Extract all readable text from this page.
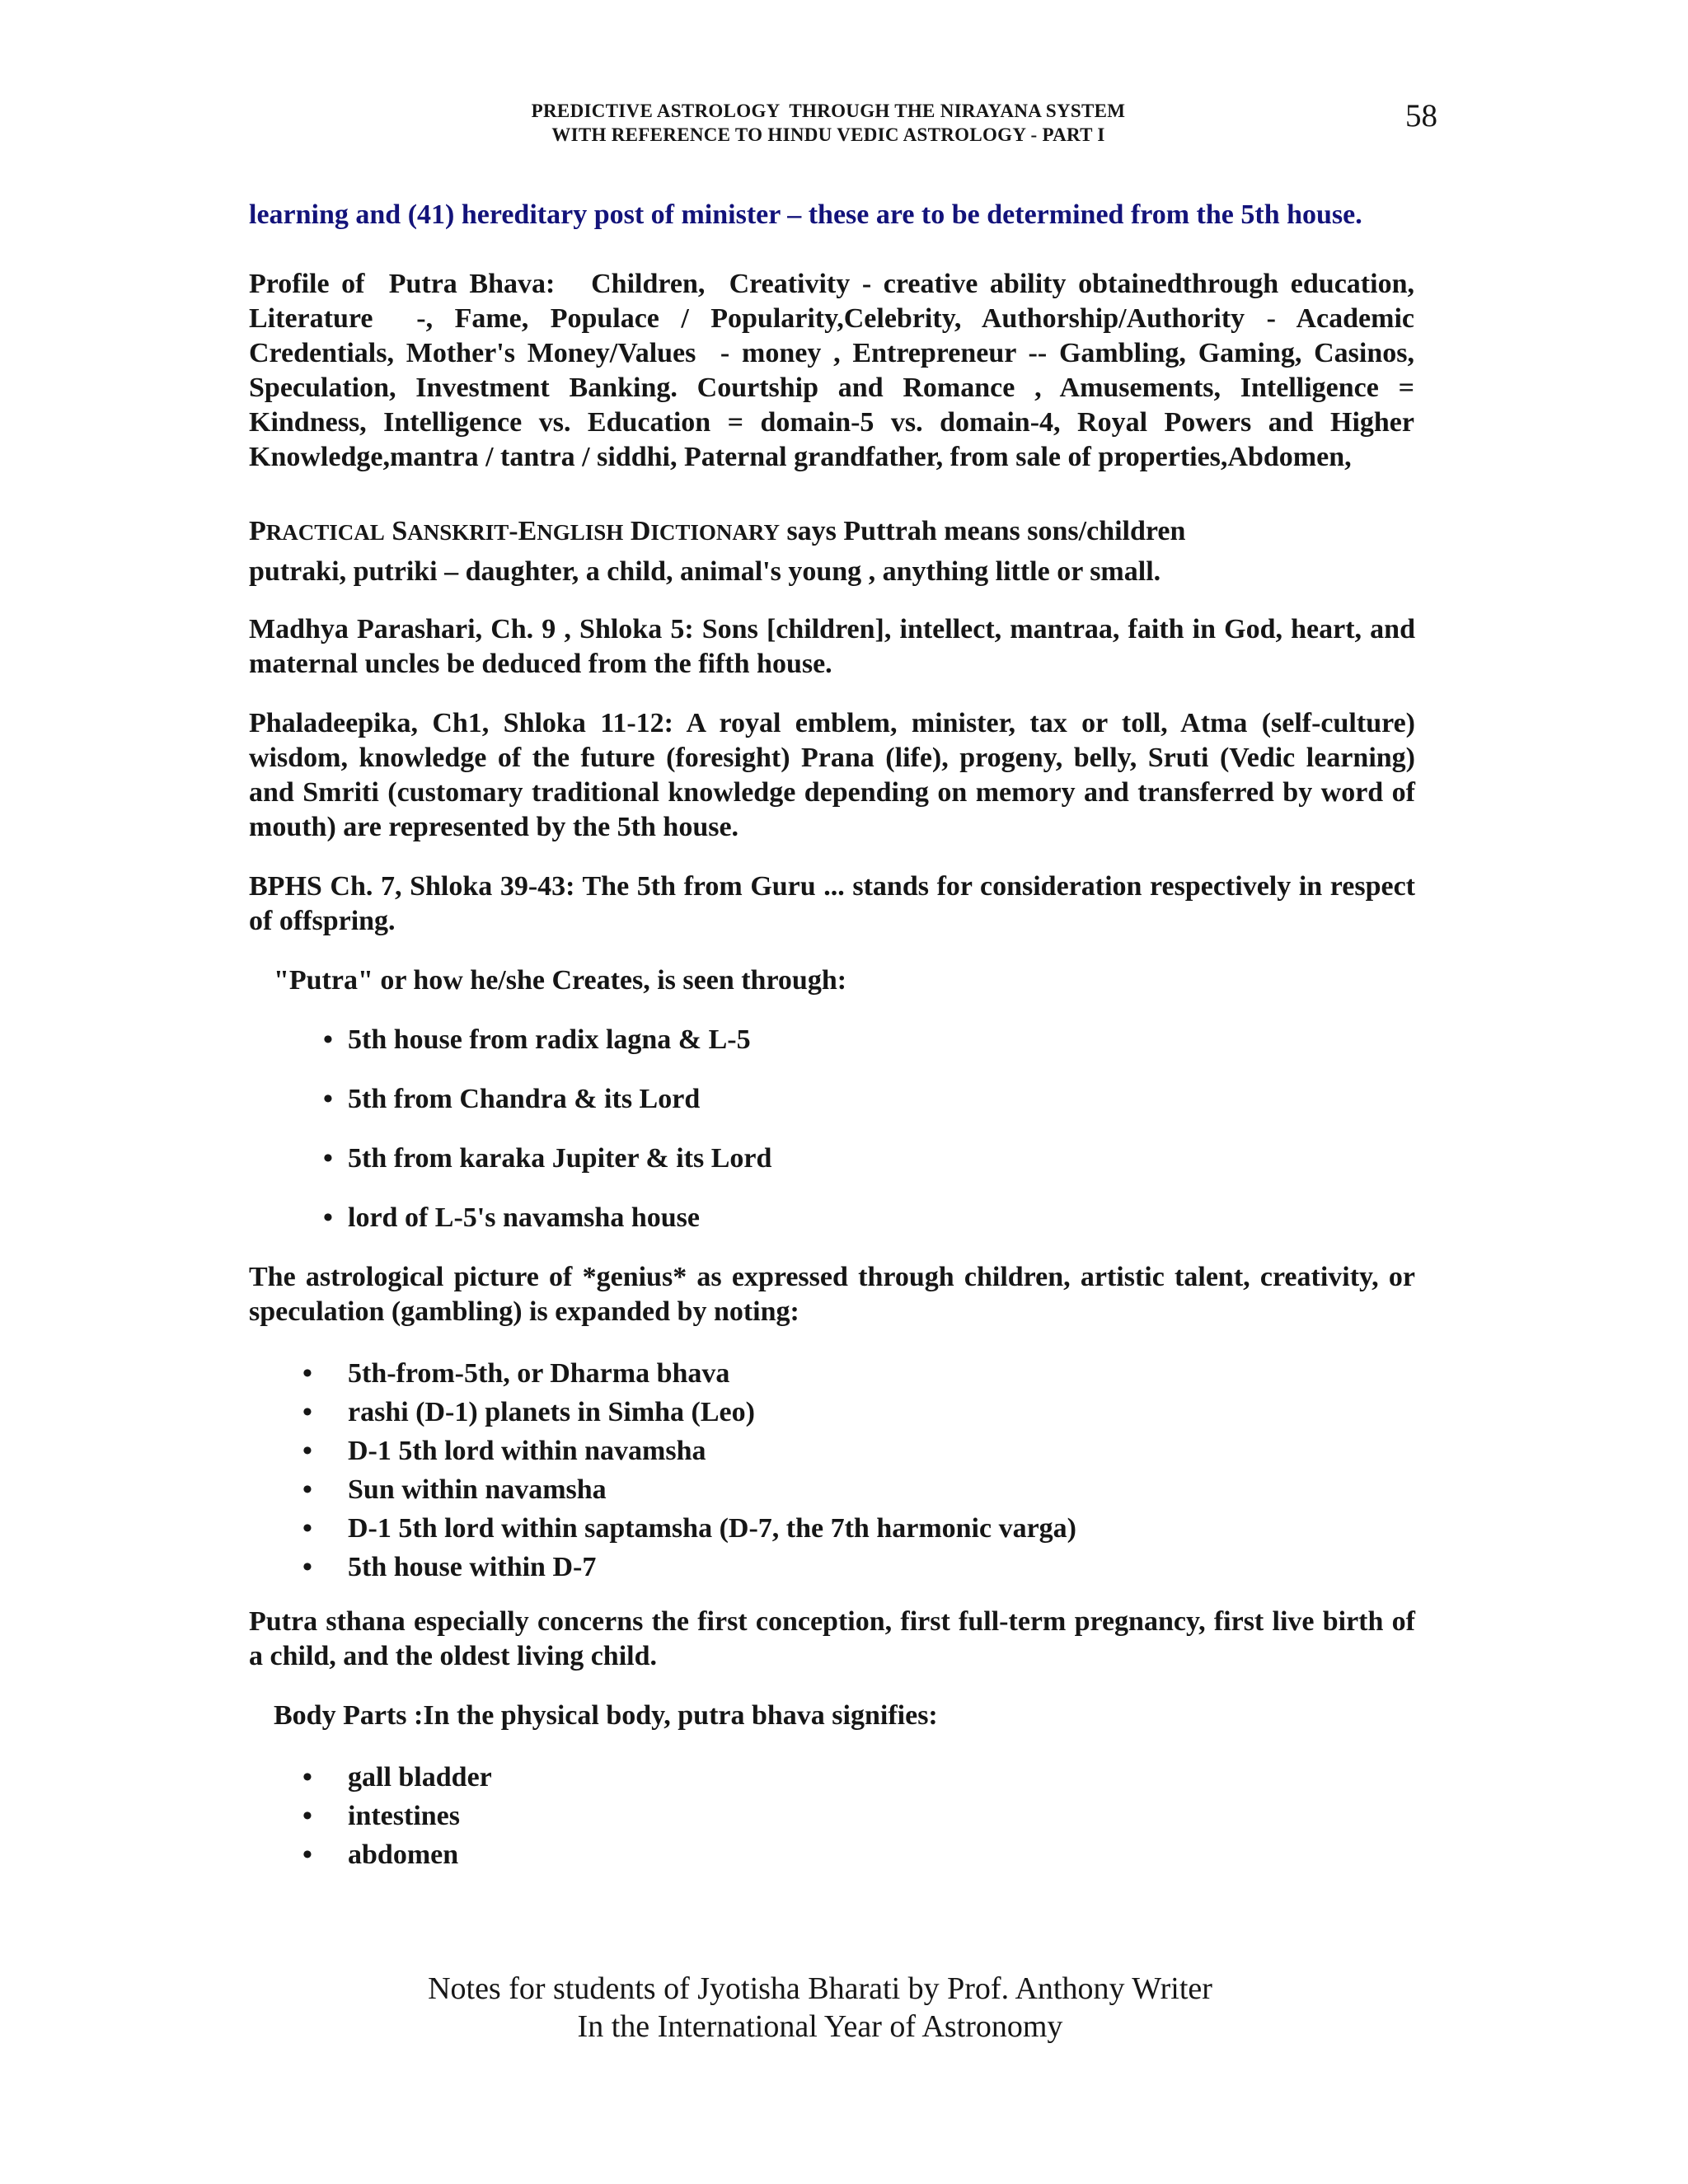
PREDICTIVE ASTROLOGY  THROUGH THE NIRAYANA SYSTEM
WITH REFERENCE TO HINDU VEDIC ASTROLOGY - PART I
58

learning and (41) hereditary post of minister – these are to be determined from the 5th house.

Profile of  Putra Bhava:   Children,  Creativity - creative ability obtainedthrough education, Literature  -, Fame, Populace / Popularity,Celebrity, Authorship/Authority - Academic Credentials, Mother's Money/Values  - money , Entrepreneur -- Gambling, Gaming, Casinos, Speculation, Investment Banking. Courtship and Romance , Amusements, Intelligence = Kindness, Intelligence vs. Education = domain-5 vs. domain-4, Royal Powers and Higher Knowledge,mantra / tantra / siddhi, Paternal grandfather, from sale of properties,Abdomen,

PRACTICAL SANSKRIT-ENGLISH DICTIONARY says Puttrah means sons/children

putraki, putriki – daughter, a child, animal's young , anything little or small.

Madhya Parashari, Ch. 9 , Shloka 5: Sons [children], intellect, mantraa, faith in God, heart, and maternal uncles be deduced from the fifth house.

Phaladeepika, Ch1, Shloka 11-12: A royal emblem, minister, tax or toll, Atma (self-culture) wisdom, knowledge of the future (foresight) Prana (life), progeny, belly, Sruti (Vedic learning) and Smriti (customary traditional knowledge depending on memory and transferred by word of mouth) are represented by the 5th house.

BPHS Ch. 7, Shloka 39-43: The 5th from Guru ... stands for consideration respectively in respect of offspring.

"Putra" or how he/she Creates, is seen through:

• 5th house from radix lagna & L-5
• 5th from Chandra & its Lord
• 5th from karaka Jupiter & its Lord
• lord of L-5's navamsha house

The astrological picture of *genius* as expressed through children, artistic talent, creativity, or speculation (gambling) is expanded by noting:

• 5th-from-5th, or Dharma bhava
• rashi (D-1) planets in Simha (Leo)
• D-1 5th lord within navamsha
• Sun within navamsha
• D-1 5th lord within saptamsha (D-7, the 7th harmonic varga)
• 5th house within D-7

Putra sthana especially concerns the first conception, first full-term pregnancy, first live birth of a child, and the oldest living child.

Body Parts :In the physical body, putra bhava signifies:

• gall bladder
• intestines
• abdomen
Notes for students of Jyotisha Bharati by Prof. Anthony Writer
In the International Year of Astronomy
